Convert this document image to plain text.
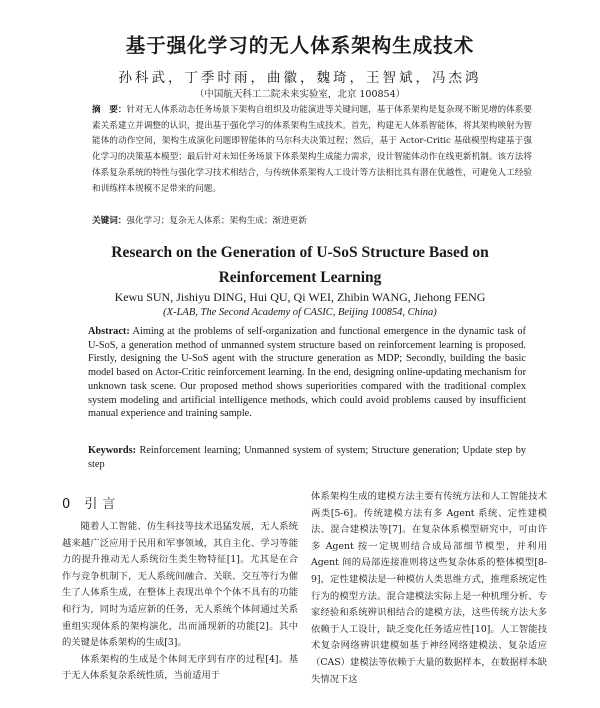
基于强化学习的无人体系架构生成技术
孙科武，丁季时雨，曲徽，魏琦，王智斌，冯杰鸿
（中国航天科工二院未来实验室，北京 100854）
摘　要：针对无人体系动态任务场景下架构自组织及功能演进等关键问题，基于体系架构是复杂现不断见增的体系要素关系建立并调整的认识，提出基于强化学习的体系架构生成技术。首先，构建无人体系智能体，将其架构映射为智能体的动作空间，架构生成演化问题即智能体的马尔科夫决策过程；然后，基于 Actor-Critic 基础模型构建基于强化学习的决策基本模型；最后针对未知任务场景下体系架构生成能力需求，设计智能体动作在线更新机制。该方法将体系复杂系统的特性与强化学习技术相结合，与传统体系架构人工设计等方法相比具有潜在优越性，可避免人工经验和训练样本规模不足带来的问题。
关键词：强化学习；复杂无人体系；架构生成；渐进更新
Research on the Generation of U-SoS Structure Based on Reinforcement Learning
Kewu SUN, Jishiyu DING, Hui QU, Qi WEI, Zhibin WANG, Jiehong FENG
(X-LAB, The Second Academy of CASIC, Beijing 100854, China)
Abstract: Aiming at the problems of self-organization and functional emergence in the dynamic task of U-SoS, a generation method of unmanned system structure based on reinforcement learning is proposed. Firstly, designing the U-SoS agent with the structure generation as MDP; Secondly, building the basic model based on Actor-Critic reinforcement learning. In the end, designing online-updating mechanism for unknown task scene. Our proposed method shows superiorities compared with the traditional complex system modeling and artificial intelligence methods, which could avoid problems caused by insufficient manual experience and training sample.
Keywords: Reinforcement learning; Unmanned system of system; Structure generation; Update step by step
0 引言

随着人工智能、仿生科技等技术迅猛发展，无人系统越来越广泛应用于民用和军事领域，其自主化、学习等能力的提升推动无人系统衍生类生物特征[1]。尤其是在合作与竞争机制下，无人系统间融合、关联、交互等行为催生了人体系生成，在整体上表现出单个个体不具有的功能和行为，同时为适应新的任务，无人系统个体间通过关系重组实现体系的架构演化，出而涌现新的功能[2]。其中的关键是体系架构的生成[3]。

体系架构的生成是个体间无序到有序的过程[4]。基于无人体系复杂系统性质，当前适用于

体系架构生成的建模方法主要有传统方法和人工智能技术两类[5-6]。传统建模方法有多 Agent 系统、定性建模法、混合建模法等[7]。在复杂体系模型研究中，可由许多 Agent 按一定规则结合成局部细节模型，并利用 Agent 间的局部连接准则将这些复杂体系的整体模型[8-9]，定性建模法是一种模仿人类思维方式，推理系统定性行为的模型方法。混合建模法实际上是一种机理分析、专家经验和系统辨识相结合的建模方法，这些传统方法大多依赖于人工设计，缺乏变化任务适应性[10]。人工智能技术复杂网络辨识建模如基于神经网络建模法、复杂适应（CAS）建模法等依赖于大量的数据样本，在数据样本缺失情况下这
